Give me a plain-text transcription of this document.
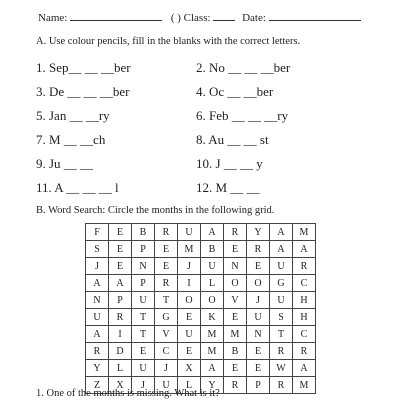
Name:	( ) Class:	Date:
A. Use colour pencils, fill in the blanks with the correct letters.
1. Sep__ __ __ber	2. No __ __ __ber
3. De __ __ __ber	4. Oc __ __ber
5. Jan __ __ry	6. Feb __ __ __ry
7. M __ __ch	8. Au __ __ st
9. Ju __ __	10. J __ __ y
11. A __ __ __ l	12. M __ __
B. Word Search: Circle the months in the following grid.
F	E	B	R	U	A	R	Y	A	M
S	E	P	E	M	B	E	R	A	A
J	E	N	E	J	U	N	E	U	R
A	A	P	R	I	L	O	O	G	C
N	P	U	T	O	O	V	J	U	H
U	R	T	G	E	K	E	U	S	H
A	I	T	V	U	M	M	N	T	C
R	D	E	C	E	M	B	E	R	R
Y	L	U	J	X	A	E	E	W	A
Z	X	J	U	L	Y	R	P	R	M
1. One of the months is missing. What is it?
